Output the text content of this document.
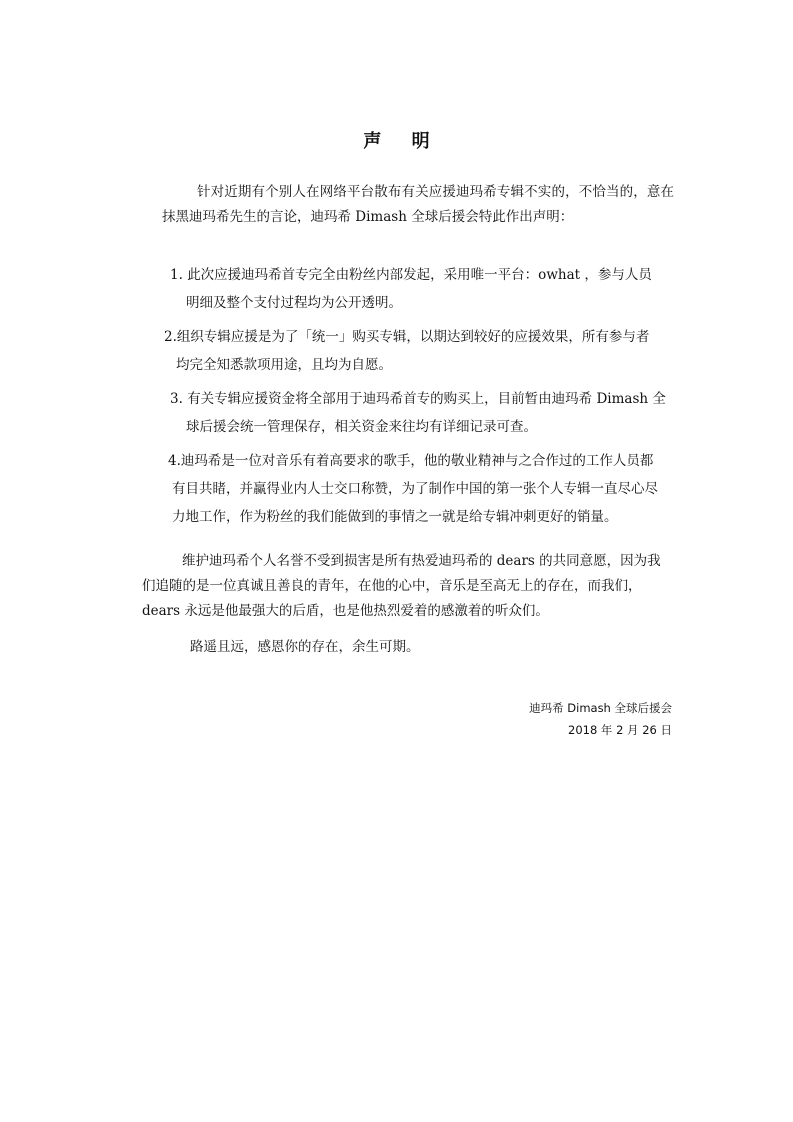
声 明
针对近期有个别人在网络平台散布有关应援迪玛希专辑不实的，不恰当的，意在抹黑迪玛希先生的言论，迪玛希 Dimash 全球后援会特此作出声明：
1. 此次应援迪玛希首专完全由粉丝内部发起，采用唯一平台：owhat ，参与人员
明细及整个支付过程均为公开透明。
2.组织专辑应援是为了「统一」购买专辑，以期达到较好的应援效果，所有参与者
均完全知悉款项用途，且均为自愿。
3. 有关专辑应援资金将全部用于迪玛希首专的购买上，目前暂由迪玛希 Dimash 全
球后援会统一管理保存，相关资金来往均有详细记录可查。
4.迪玛希是一位对音乐有着高要求的歌手，他的敬业精神与之合作过的工作人员都
有目共睹，并赢得业内人士交口称赞，为了制作中国的第一张个人专辑一直尽心尽
力地工作，作为粉丝的我们能做到的事情之一就是给专辑冲刺更好的销量。
维护迪玛希个人名誉不受到损害是所有热爱迪玛希的 dears 的共同意愿，因为我
们追随的是一位真诚且善良的青年，在他的心中，音乐是至高无上的存在，而我们，
dears 永远是他最强大的后盾，也是他热烈爱着的感激着的听众们。
路遥且远，感恩你的存在，余生可期。
迪玛希 Dimash 全球后援会
2018 年 2 月 26 日
